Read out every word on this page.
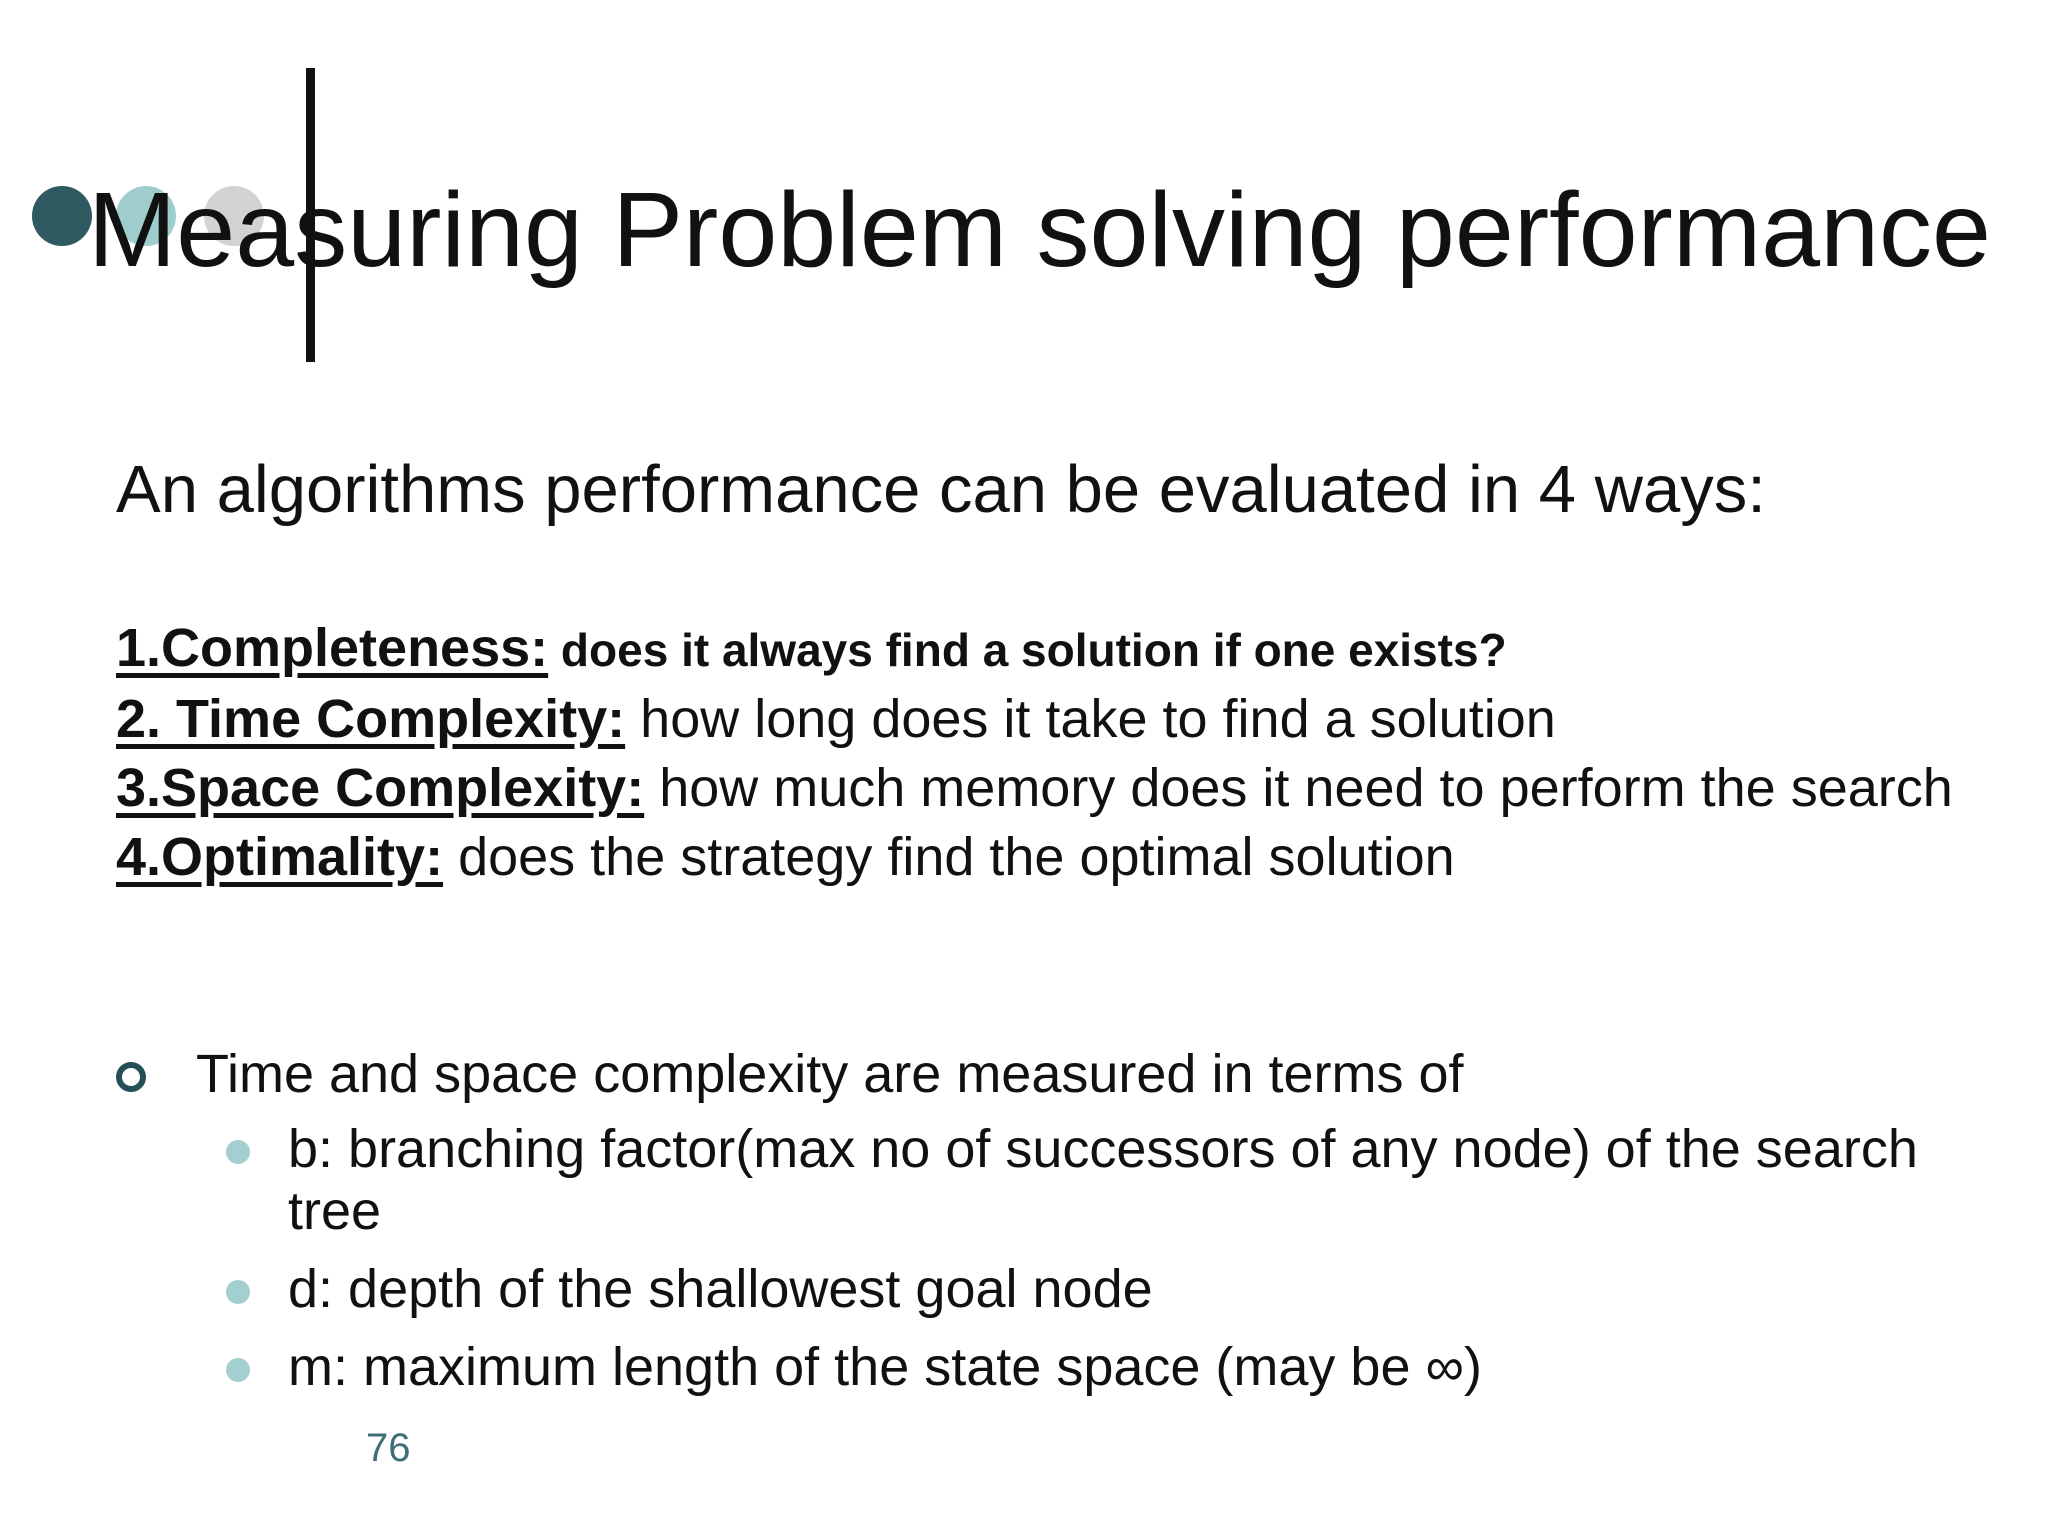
Measuring Problem solving performance

An algorithms performance can be evaluated in 4 ways:

1.Completeness: does it always find a solution if one exists?
2. Time Complexity: how long does it take to find a solution
3.Space Complexity: how much memory does it need to perform the search
4.Optimality: does the strategy find the optimal solution
Time and space complexity are measured in terms of
b: branching factor(max no of successors of any node) of the search tree
d: depth of the shallowest goal node
m: maximum length of the state space (may be ∞)
76
